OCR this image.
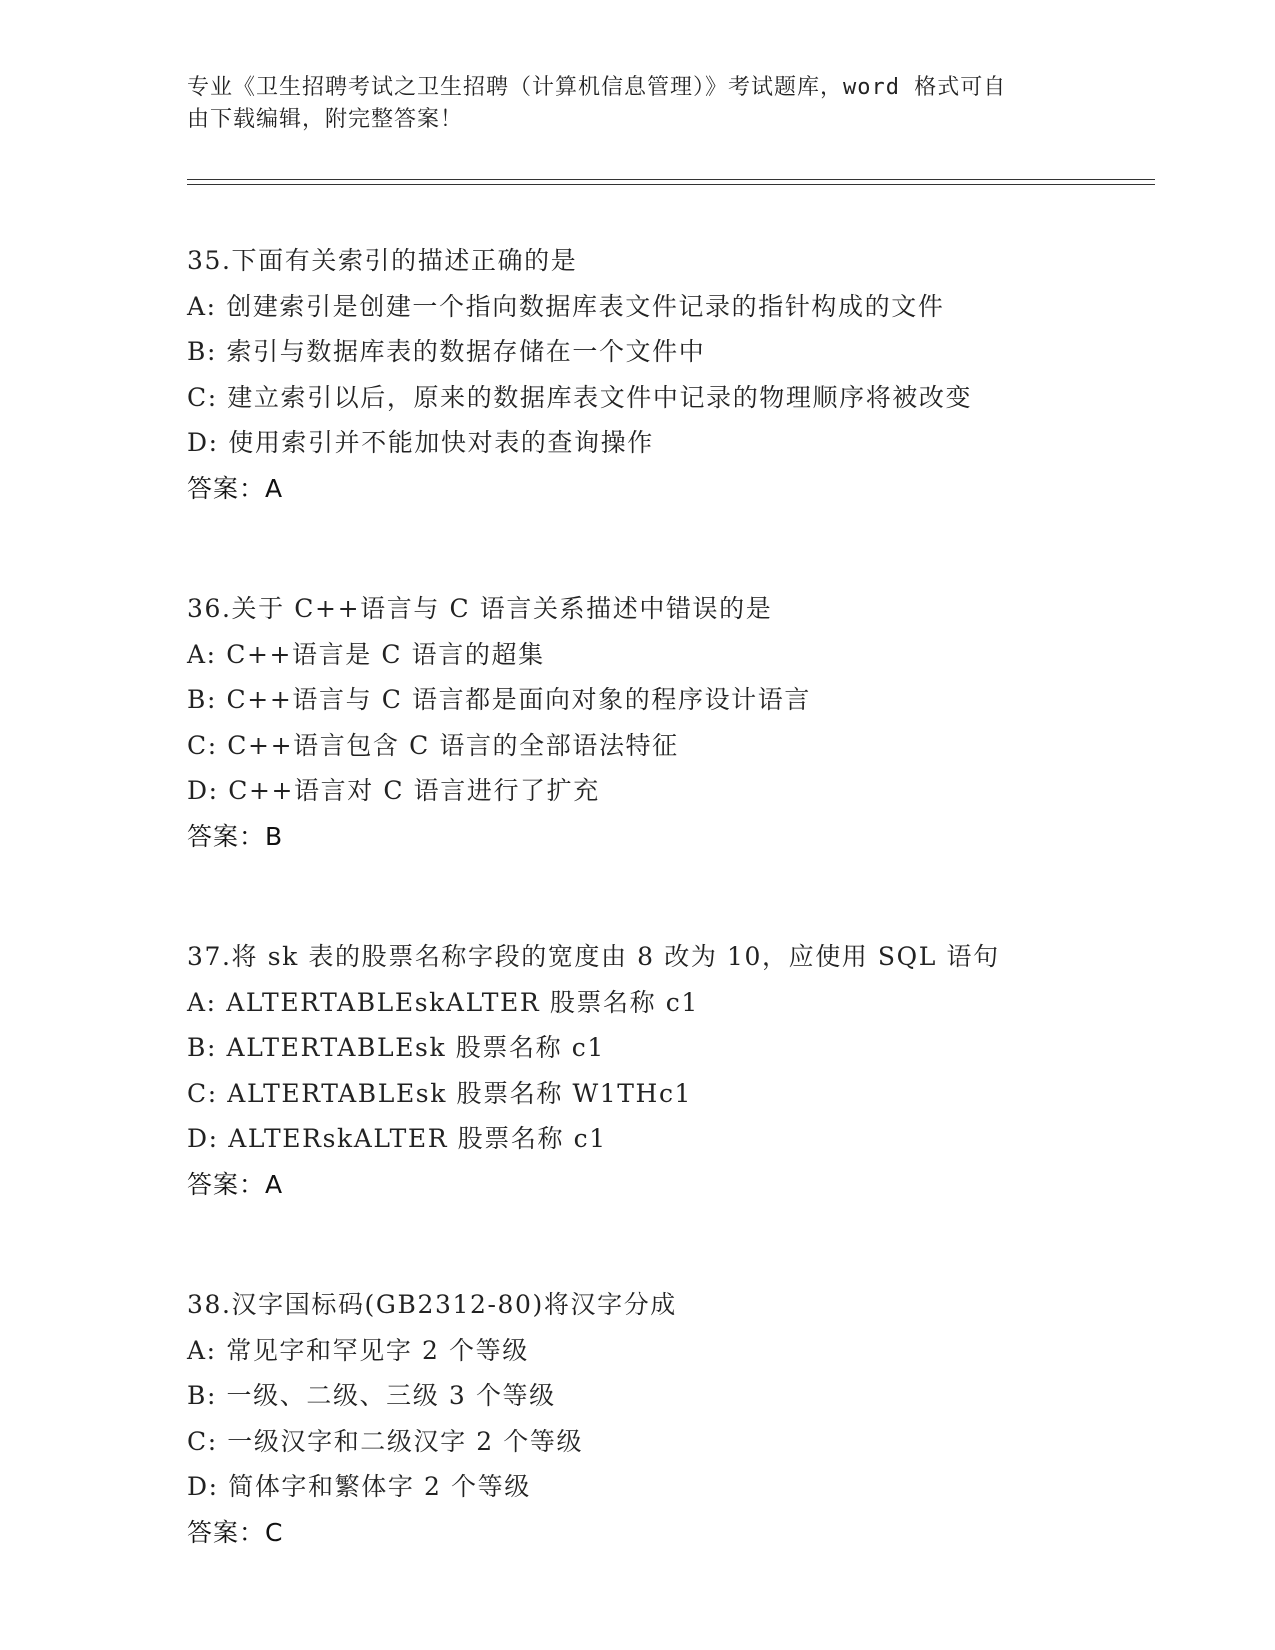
专业《卫生招聘考试之卫生招聘（计算机信息管理）》考试题库，word 格式可自
由下载编辑，附完整答案！
35.下面有关索引的描述正确的是
A: 创建索引是创建一个指向数据库表文件记录的指针构成的文件
B: 索引与数据库表的数据存储在一个文件中
C: 建立索引以后，原来的数据库表文件中记录的物理顺序将被改变
D: 使用索引并不能加快对表的查询操作
答案：A
36.关于 C++语言与 C 语言关系描述中错误的是
A: C++语言是 C 语言的超集
B: C++语言与 C 语言都是面向对象的程序设计语言
C: C++语言包含 C 语言的全部语法特征
D: C++语言对 C 语言进行了扩充
答案：B
37.将 sk 表的股票名称字段的宽度由 8 改为 10，应使用 SQL 语句
A: ALTERTABLEskALTER 股票名称 c1
B: ALTERTABLEsk 股票名称 c1
C: ALTERTABLEsk 股票名称 W1THc1
D: ALTERskALTER 股票名称 c1
答案：A
38.汉字国标码(GB2312-80)将汉字分成
A: 常见字和罕见字 2 个等级
B: 一级、二级、三级 3 个等级
C: 一级汉字和二级汉字 2 个等级
D: 简体字和繁体字 2 个等级
答案：C
